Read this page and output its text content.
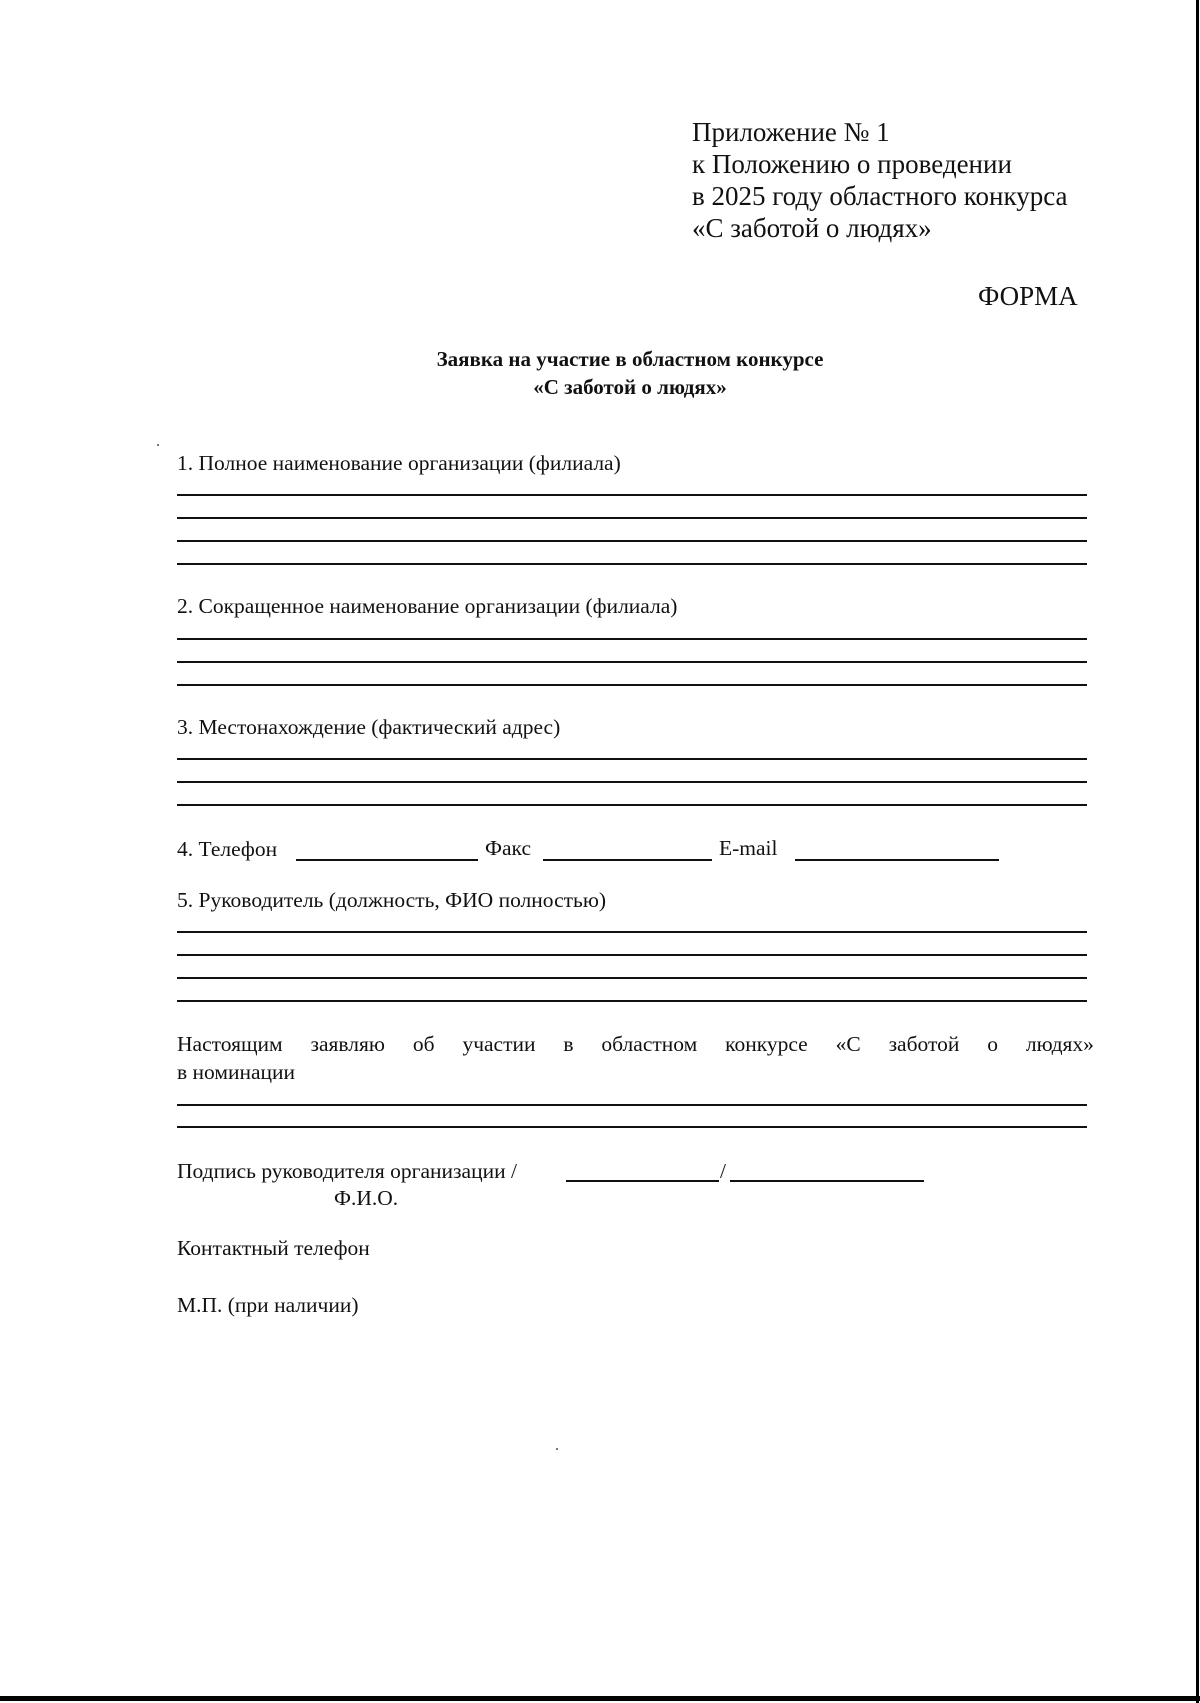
Приложение № 1
к Положению о проведении
в 2025 году областного конкурса
«С заботой о людях»
ФОРМА
Заявка на участие в областном конкурсе
«С заботой о людях»
1. Полное наименование организации (филиала)
2. Сокращенное наименование организации (филиала)
3. Местонахождение (фактический адрес)
4. Телефон	Факс	E-mail
5. Руководитель (должность, ФИО полностью)
Настоящим заявляю об участии в областном конкурсе «С заботой о людях»
в номинации
Подпись руководителя организации /	/
Ф.И.О.
Контактный телефон
М.П. (при наличии)
